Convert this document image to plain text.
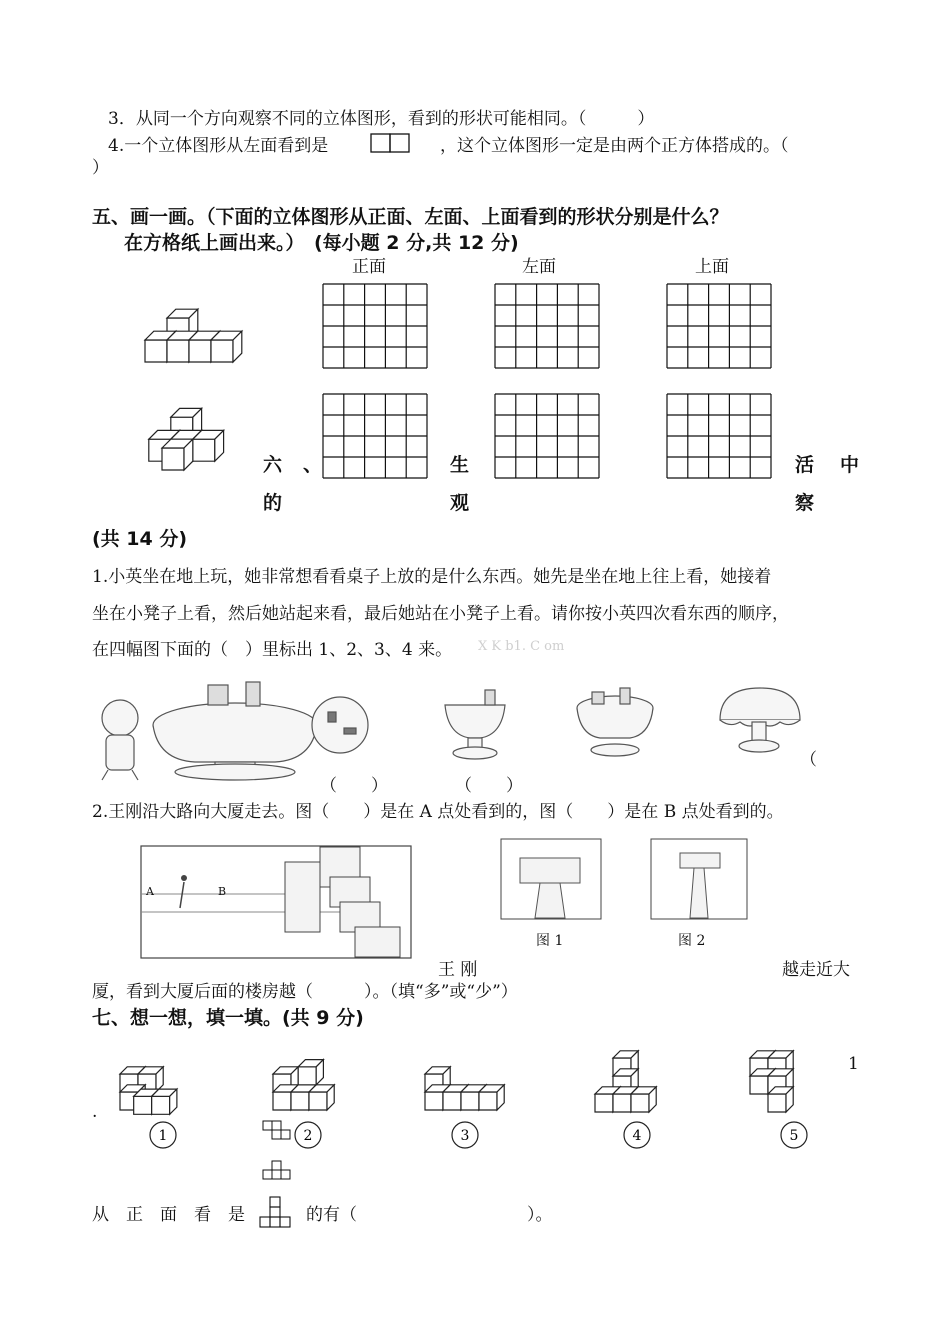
3．从同一个方向观察不同的立体图形，看到的形状可能相同。（　　　）
4.一个立体图形从左面看到是	，这个立体图形一定是由两个正方体搭成的。（
）
五、画一画。（下面的立体图形从正面、左面、上面看到的形状分别是什么？
在方格纸上画出来。）　(每小题 2 分,共 12 分)
正面	左面	上面
六 、	生	活 中
的	观	察
(共 14 分)
1.小英坐在地上玩，她非常想看看桌子上放的是什么东西。她先是坐在地上往上看，她接着
坐在小凳子上看，然后她站起来看，最后她站在小凳子上看。请你按小英四次看东西的顺序，
在四幅图下面的（　）里标出 1、2、3、4 来。 X K b1. C om
（　　）	（　　）
（
2.王刚沿大路向大厦走去。图（　　）是在 A 点处看到的，图（　　）是在 B 点处看到的。
A	B
图 1	图 2
王 刚	越走近大
厦，看到大厦后面的楼房越（　　　）。（填“多”或“少”）
七、想一想，填一填。(共 9 分)
1
.
1	2	3	4	5
从　正　面　看　是	的有（　　　　　　　　　　）。
